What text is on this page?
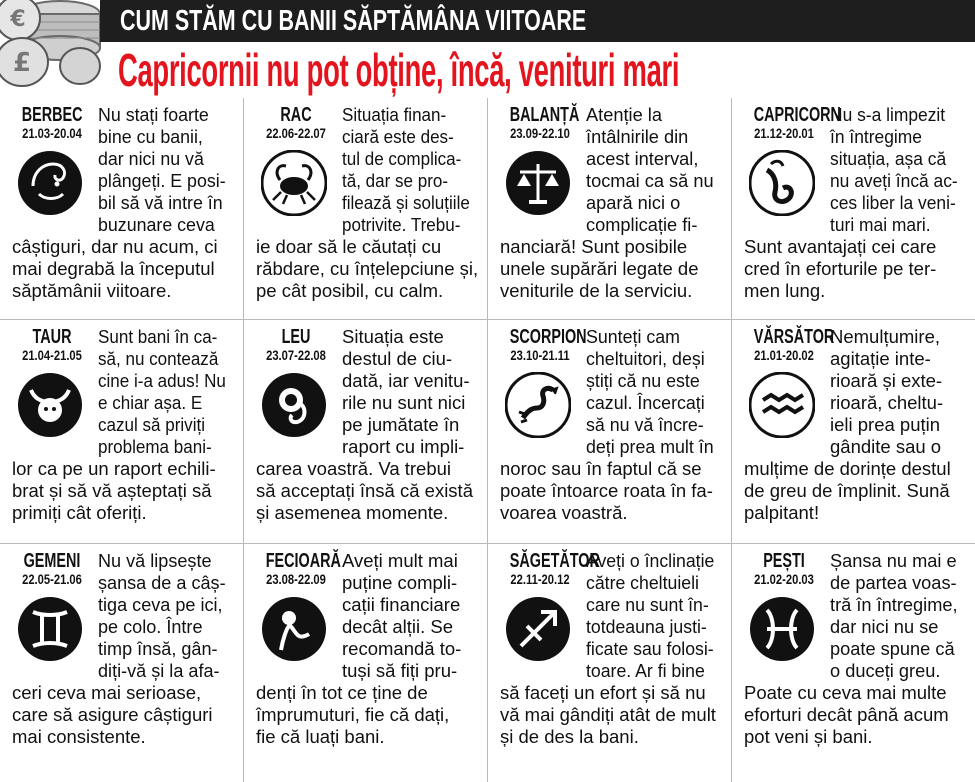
€
£
CUM STĂM CU BANII SĂPTĂMÂNA VIITOARE
Capricornii nu pot obține, încă, venituri mari
BERBEC
21.03-20.04
Nu stați foarte
bine cu banii,
dar nici nu vă
plângeți. E posi-
bil să vă intre în
buzunare ceva
câștiguri, dar nu acum, ci
mai degrabă la începutul
săptămânii viitoare.
RAC
22.06-22.07
Situația finan-
ciară este des-
tul de complica-
tă, dar se pro-
filează și soluțiile
potrivite. Trebu-
ie doar să le căutați cu
răbdare, cu înțelepciune și,
pe cât posibil, cu calm.
BALANȚĂ
23.09-22.10
Atenție la
întâlnirile din
acest interval,
tocmai ca să nu
apară nici o
complicație fi-
nanciară! Sunt posibile
unele supărări legate de
veniturile de la serviciu.
CAPRICORN
21.12-20.01
Nu s-a limpezit
în întregime
situația, așa că
nu aveți încă ac-
ces liber la veni-
turi mai mari.
Sunt avantajați cei care
cred în eforturile pe ter-
men lung.
TAUR
21.04-21.05
Sunt bani în ca-
să, nu contează
cine i-a adus! Nu
e chiar așa. E
cazul să priviți
problema bani-
lor ca pe un raport echili-
brat și să vă așteptați să
primiți cât oferiți.
LEU
23.07-22.08
Situația este
destul de ciu-
dată, iar venitu-
rile nu sunt nici
pe jumătate în
raport cu impli-
carea voastră. Va trebui
să acceptați însă că există
și asemenea momente.
SCORPION
23.10-21.11
Sunteți cam
cheltuitori, deși
știți că nu este
cazul. Încercați
să nu vă încre-
deți prea mult în
noroc sau în faptul că se
poate întoarce roata în fa-
voarea voastră.
VĂRSĂTOR
21.01-20.02
Nemulțumire,
agitație inte-
rioară și exte-
rioară, cheltu-
ieli prea puțin
gândite sau o
mulțime de dorințe destul
de greu de împlinit. Sună
palpitant!
GEMENI
22.05-21.06
Nu vă lipsește
șansa de a câș-
tiga ceva pe ici,
pe colo. Între
timp însă, gân-
diți-vă și la afa-
ceri ceva mai serioase,
care să asigure câștiguri
mai consistente.
FECIOARĂ
23.08-22.09
Aveți mult mai
puține compli-
cații financiare
decât alții. Se
recomandă to-
tuși să fiți pru-
denți în tot ce ține de
împrumuturi, fie că dați,
fie că luați bani.
SĂGETĂTOR
22.11-20.12
Aveți o înclinație
către cheltuieli
care nu sunt în-
totdeauna justi-
ficate sau folosi-
toare. Ar fi bine
să faceți un efort și să nu
vă mai gândiți atât de mult
și de des la bani.
PEȘTI
21.02-20.03
Șansa nu mai e
de partea voas-
tră în întregime,
dar nici nu se
poate spune că
o duceți greu.
Poate cu ceva mai multe
eforturi decât până acum
pot veni și bani.
